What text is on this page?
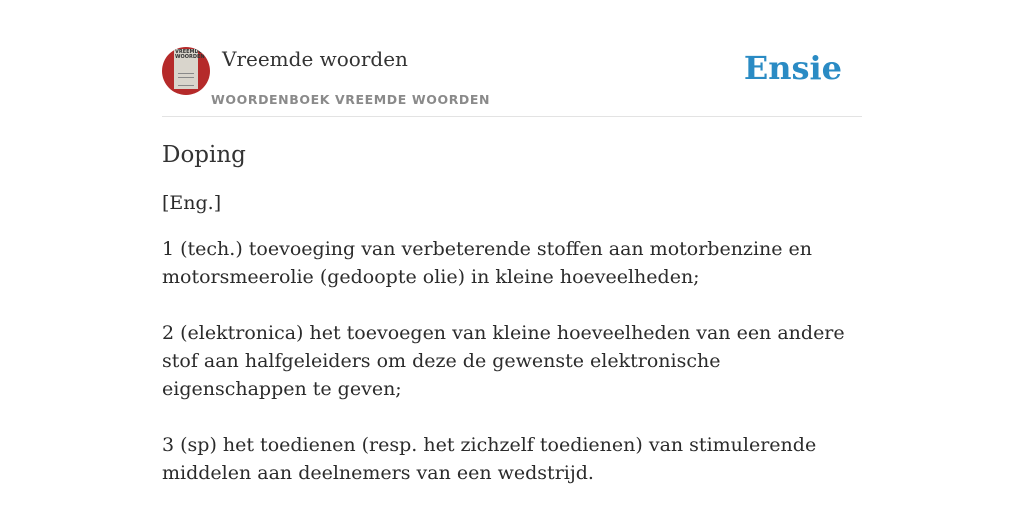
VREEMDE WOORDEN Vreemde woorden
WOORDENBOEK VREEMDE WOORDEN
Ensie
Doping
[Eng.]

1 (tech.) toevoeging van verbeterende stoffen aan motorbenzine en motorsmeerolie (gedoopte olie) in kleine hoeveelheden;

2 (elektronica) het toevoegen van kleine hoeveelheden van een andere stof aan halfgeleiders om deze de gewenste elektronische eigenschappen te geven;

3 (sp) het toedienen (resp. het zichzelf toedienen) van stimulerende middelen aan deelnemers van een wedstrijd.
